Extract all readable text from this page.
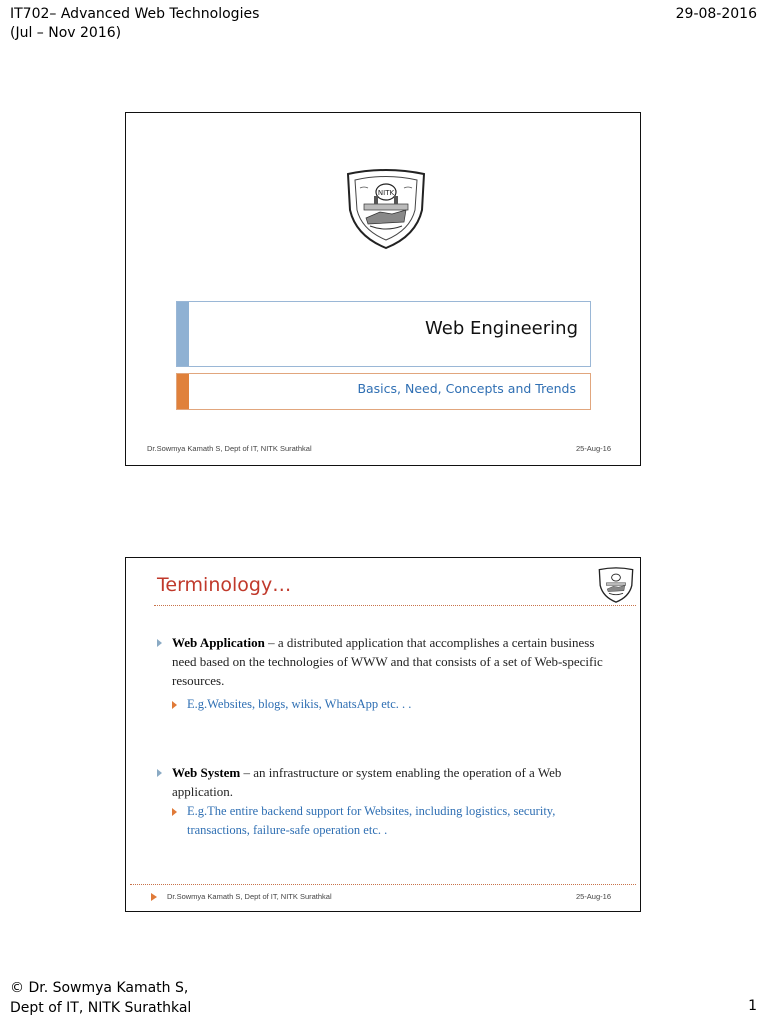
IT702– Advanced Web Technologies
(Jul – Nov 2016)
29-08-2016
NITK
Web Engineering
Basics, Need, Concepts and Trends
Dr.Sowmya Kamath S, Dept of IT, NITK Surathkal	25-Aug-16
Terminology…
Web Application – a distributed application that accomplishes a certain business need based on the technologies of WWW and that consists of a set of Web-specific resources.
E.g.Websites, blogs, wikis, WhatsApp etc. . .
Web System – an infrastructure or system enabling the operation of a Web application.
E.g.The entire backend support for Websites, including logistics, security, transactions, failure-safe operation etc. .
Dr.Sowmya Kamath S, Dept of IT, NITK Surathkal	25-Aug-16
© Dr. Sowmya Kamath S,
Dept of IT, NITK Surathkal	1
